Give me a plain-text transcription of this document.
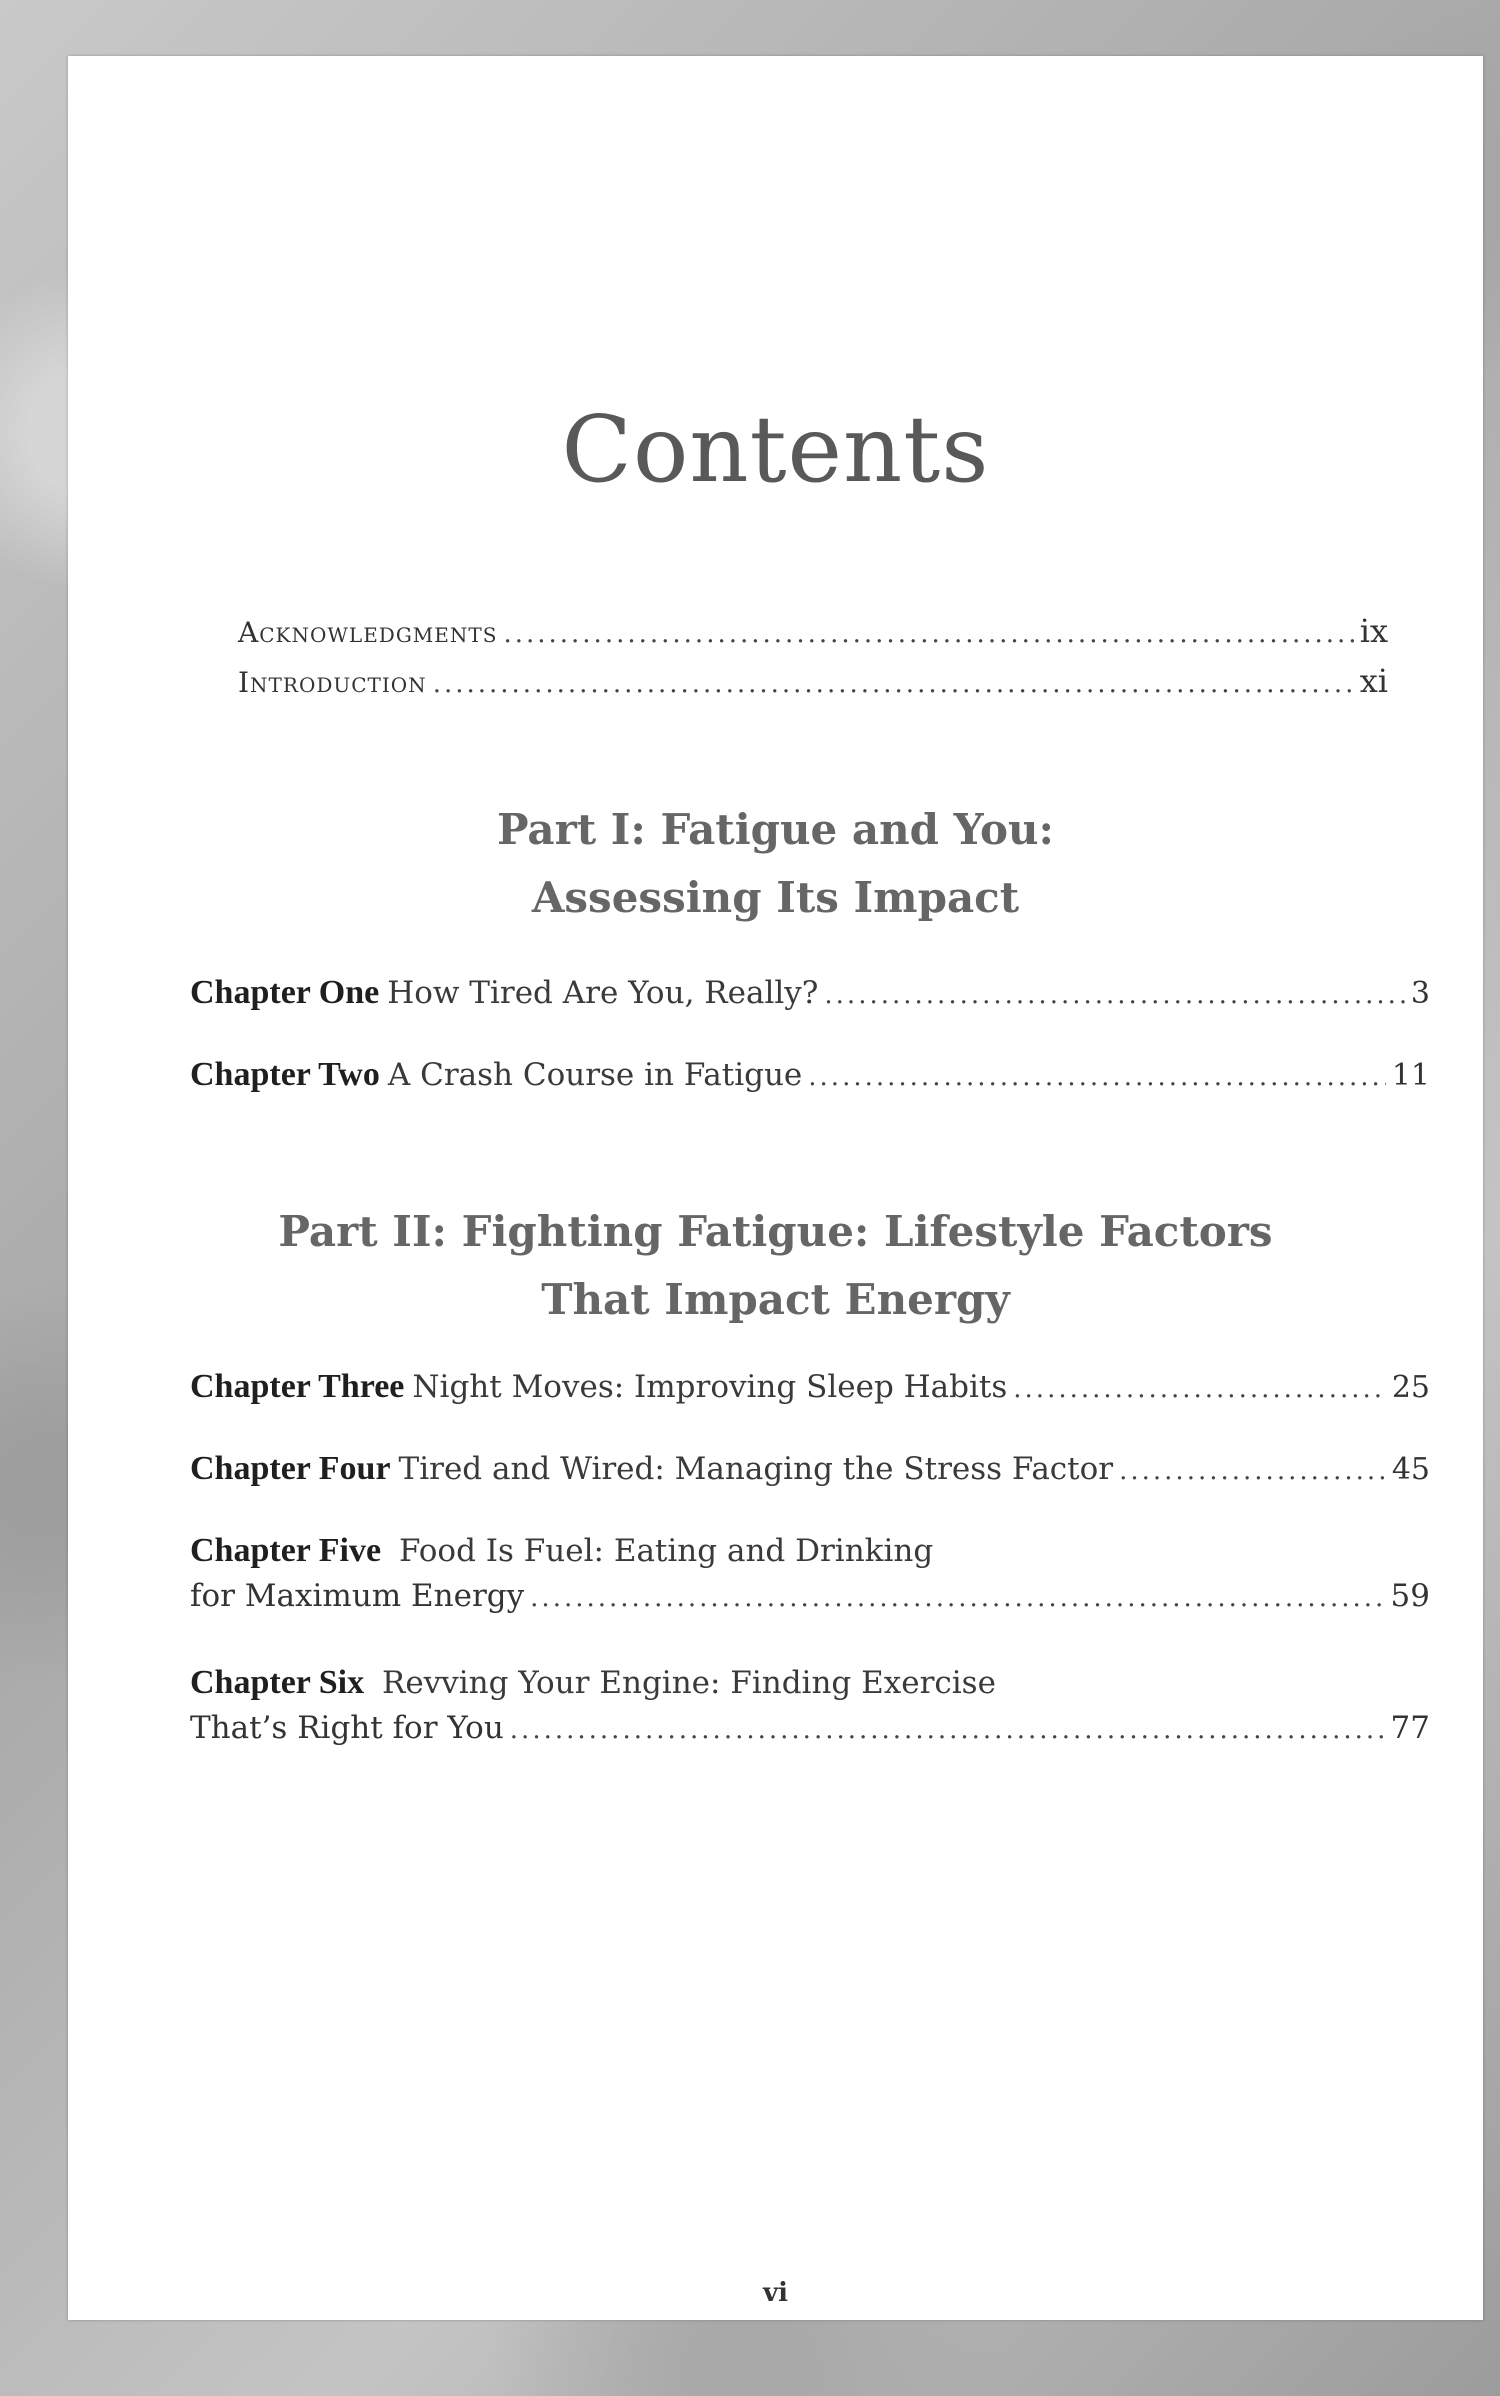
Contents
Acknowledgments .....	ix
Introduction .....	xi
Part I: Fatigue and You:
Assessing Its Impact
Chapter One How Tired Are You, Really? .....	3
Chapter Two A Crash Course in Fatigue .....	11
Part II: Fighting Fatigue: Lifestyle Factors
That Impact Energy
Chapter Three Night Moves: Improving Sleep Habits .....	25
Chapter Four Tired and Wired: Managing the Stress Factor .....	45
Chapter Five Food Is Fuel: Eating and Drinking
for Maximum Energy .....	59
Chapter Six Revving Your Engine: Finding Exercise
That’s Right for You .....	77
vi
